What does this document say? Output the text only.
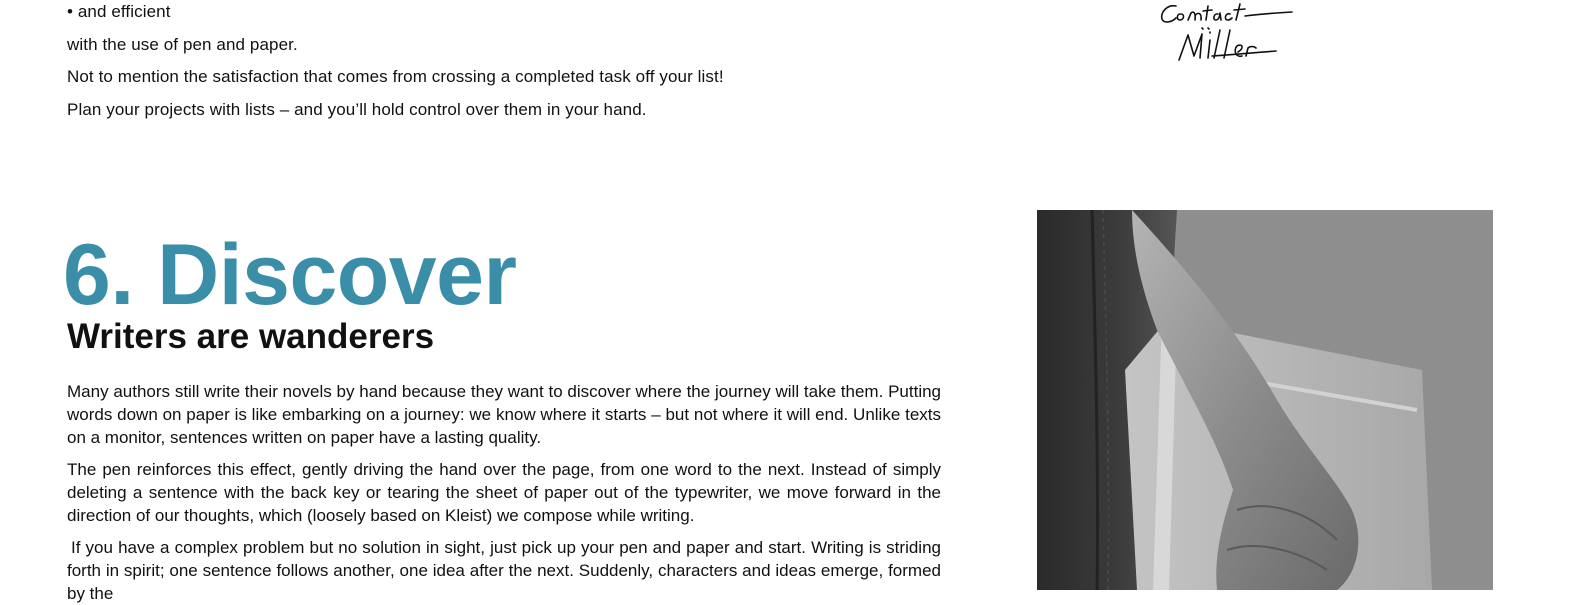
• and efficient
with the use of pen and paper.
Not to mention the satisfaction that comes from crossing a completed task off your list!
Plan your projects with lists – and you’ll hold control over them in your hand.
6. Discover
Writers are wanderers

Many authors still write their novels by hand because they want to discover where the journey will take them. Putting words down on paper is like embarking on a journey: we know where it starts – but not where it will end. Unlike texts on a monitor, sentences written on paper have a lasting quality.

The pen reinforces this effect, gently driving the hand over the page, from one word to the next. Instead of simply deleting a sentence with the back key or tearing the sheet of paper out of the typewriter, we move forward in the direction of our thoughts, which (loosely based on Kleist) we compose while writing.

If you have a complex problem but no solution in sight, just pick up your pen and paper and start. Writing is striding forth in spirit; one sentence follows another, one idea after the next. Suddenly, characters and ideas emerge, formed by the
